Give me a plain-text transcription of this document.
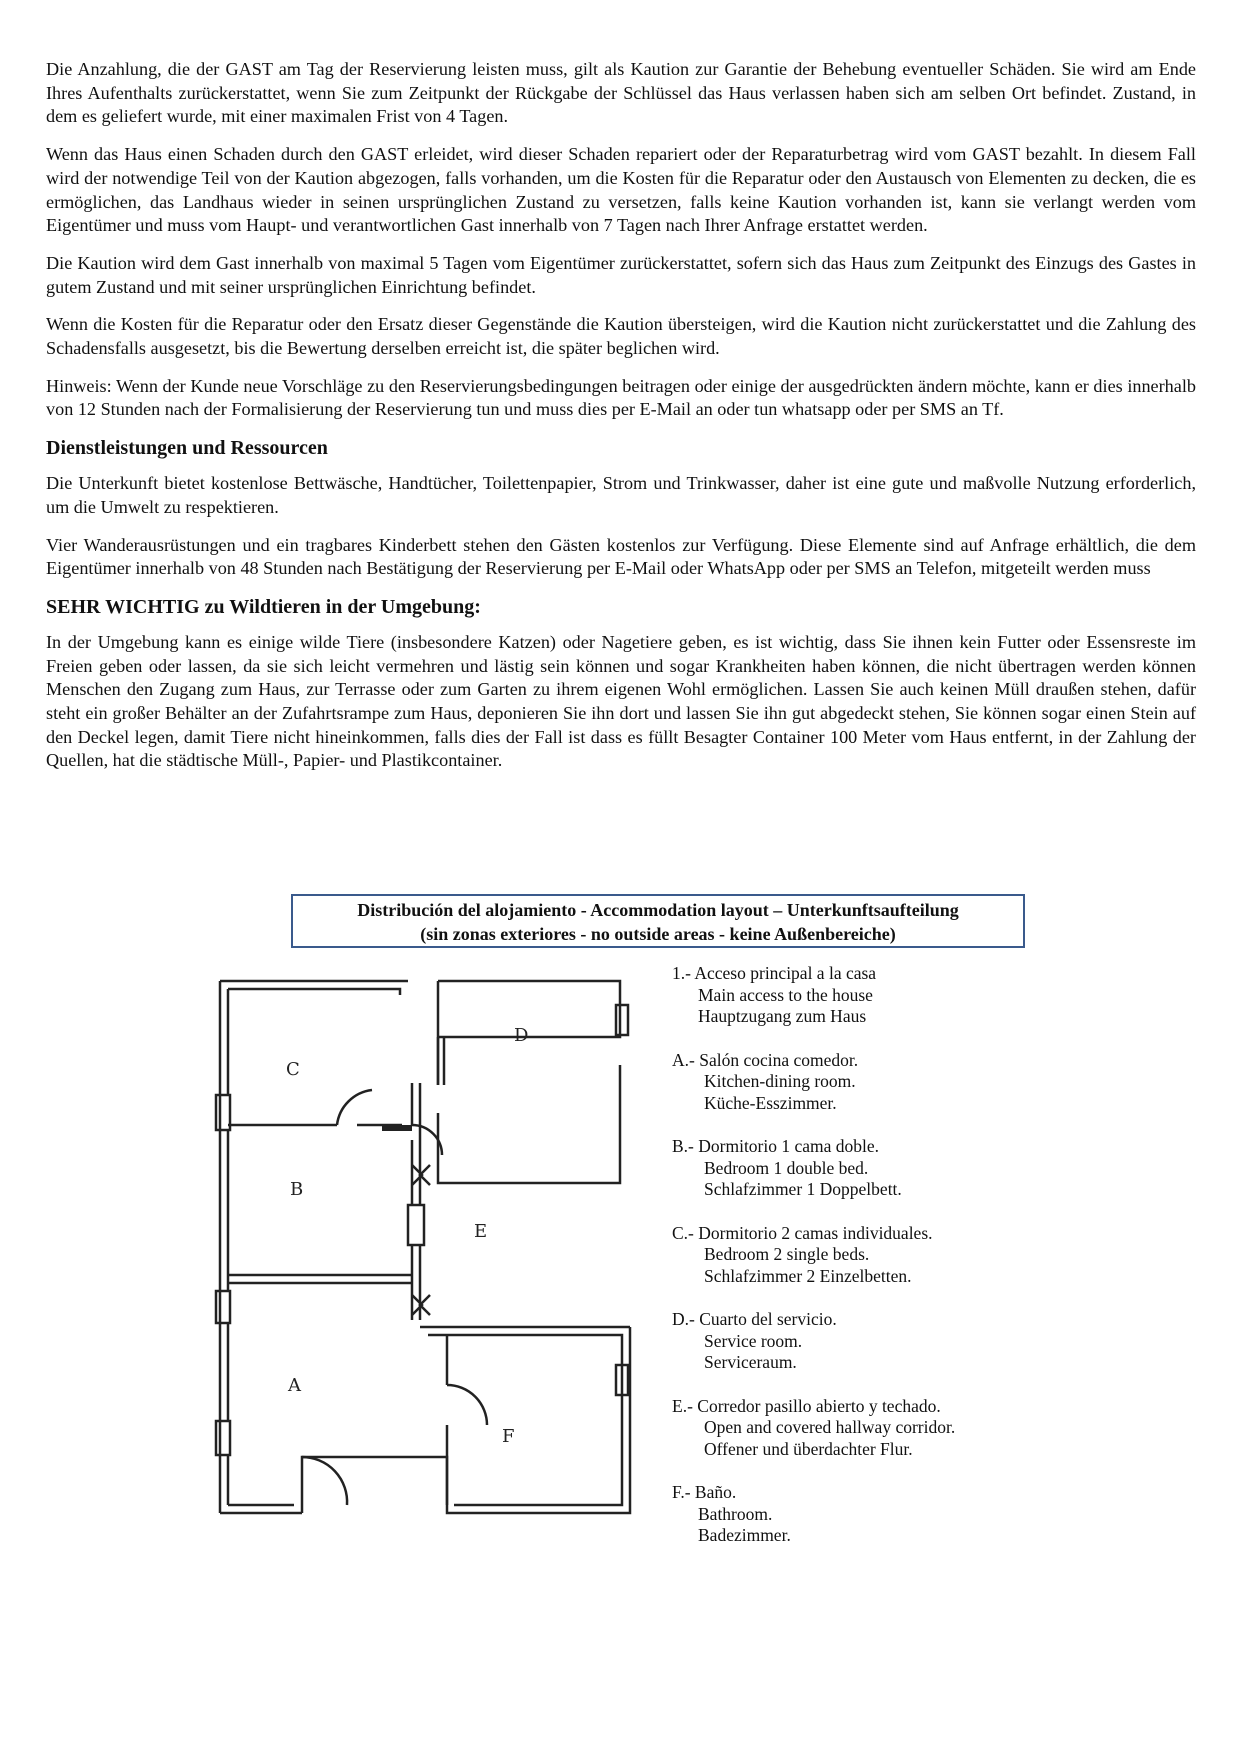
Die Anzahlung, die der GAST am Tag der Reservierung leisten muss, gilt als Kaution zur Garantie der Behebung eventueller Schäden. Sie wird am Ende Ihres Aufenthalts zurückerstattet, wenn Sie zum Zeitpunkt der Rückgabe der Schlüssel das Haus verlassen haben sich am selben Ort befindet. Zustand, in dem es geliefert wurde, mit einer maximalen Frist von 4 Tagen.

Wenn das Haus einen Schaden durch den GAST erleidet, wird dieser Schaden repariert oder der Reparaturbetrag wird vom GAST bezahlt. In diesem Fall wird der notwendige Teil von der Kaution abgezogen, falls vorhanden, um die Kosten für die Reparatur oder den Austausch von Elementen zu decken, die es ermöglichen, das Landhaus wieder in seinen ursprünglichen Zustand zu versetzen, falls keine Kaution vorhanden ist, kann sie verlangt werden vom Eigentümer und muss vom Haupt- und verantwortlichen Gast innerhalb von 7 Tagen nach Ihrer Anfrage erstattet werden.

Die Kaution wird dem Gast innerhalb von maximal 5 Tagen vom Eigentümer zurückerstattet, sofern sich das Haus zum Zeitpunkt des Einzugs des Gastes in gutem Zustand und mit seiner ursprünglichen Einrichtung befindet.

Wenn die Kosten für die Reparatur oder den Ersatz dieser Gegenstände die Kaution übersteigen, wird die Kaution nicht zurückerstattet und die Zahlung des Schadensfalls ausgesetzt, bis die Bewertung derselben erreicht ist, die später beglichen wird.

Hinweis: Wenn der Kunde neue Vorschläge zu den Reservierungsbedingungen beitragen oder einige der ausgedrückten ändern möchte, kann er dies innerhalb von 12 Stunden nach der Formalisierung der Reservierung tun und muss dies per E-Mail an oder tun whatsapp oder per SMS an Tf.

Dienstleistungen und Ressourcen

Die Unterkunft bietet kostenlose Bettwäsche, Handtücher, Toilettenpapier, Strom und Trinkwasser, daher ist eine gute und maßvolle Nutzung erforderlich, um die Umwelt zu respektieren.

Vier Wanderausrüstungen und ein tragbares Kinderbett stehen den Gästen kostenlos zur Verfügung. Diese Elemente sind auf Anfrage erhältlich, die dem Eigentümer innerhalb von 48 Stunden nach Bestätigung der Reservierung per E-Mail oder WhatsApp oder per SMS an Telefon, mitgeteilt werden muss

SEHR WICHTIG zu Wildtieren in der Umgebung:

In der Umgebung kann es einige wilde Tiere (insbesondere Katzen) oder Nagetiere geben, es ist wichtig, dass Sie ihnen kein Futter oder Essensreste im Freien geben oder lassen, da sie sich leicht vermehren und lästig sein können und sogar Krankheiten haben können, die nicht übertragen werden können Menschen den Zugang zum Haus, zur Terrasse oder zum Garten zu ihrem eigenen Wohl ermöglichen. Lassen Sie auch keinen Müll draußen stehen, dafür steht ein großer Behälter an der Zufahrtsrampe zum Haus, deponieren Sie ihn dort und lassen Sie ihn gut abgedeckt stehen, Sie können sogar einen Stein auf den Deckel legen, damit Tiere nicht hineinkommen, falls dies der Fall ist dass es füllt Besagter Container 100 Meter vom Haus entfernt, in der Zahlung der Quellen, hat die städtische Müll-, Papier- und Plastikcontainer.

Distribución del alojamiento - Accommodation layout – Unterkunftsaufteilung
(sin zonas exteriores - no outside areas - keine Außenbereiche)
C
D
B
E
A
F
1.- Acceso principal a la casa
Main access to the house
Hauptzugang zum Haus
A.- Salón cocina comedor.
Kitchen-dining room.
Küche-Esszimmer.
B.- Dormitorio 1 cama doble.
Bedroom 1 double bed.
Schlafzimmer 1 Doppelbett.
C.- Dormitorio 2 camas individuales.
Bedroom 2 single beds.
Schlafzimmer 2 Einzelbetten.
D.- Cuarto del servicio.
Service room.
Serviceraum.
E.- Corredor pasillo abierto y techado.
Open and covered hallway corridor.
Offener und überdachter Flur.
F.- Baño.
Bathroom.
Badezimmer.
